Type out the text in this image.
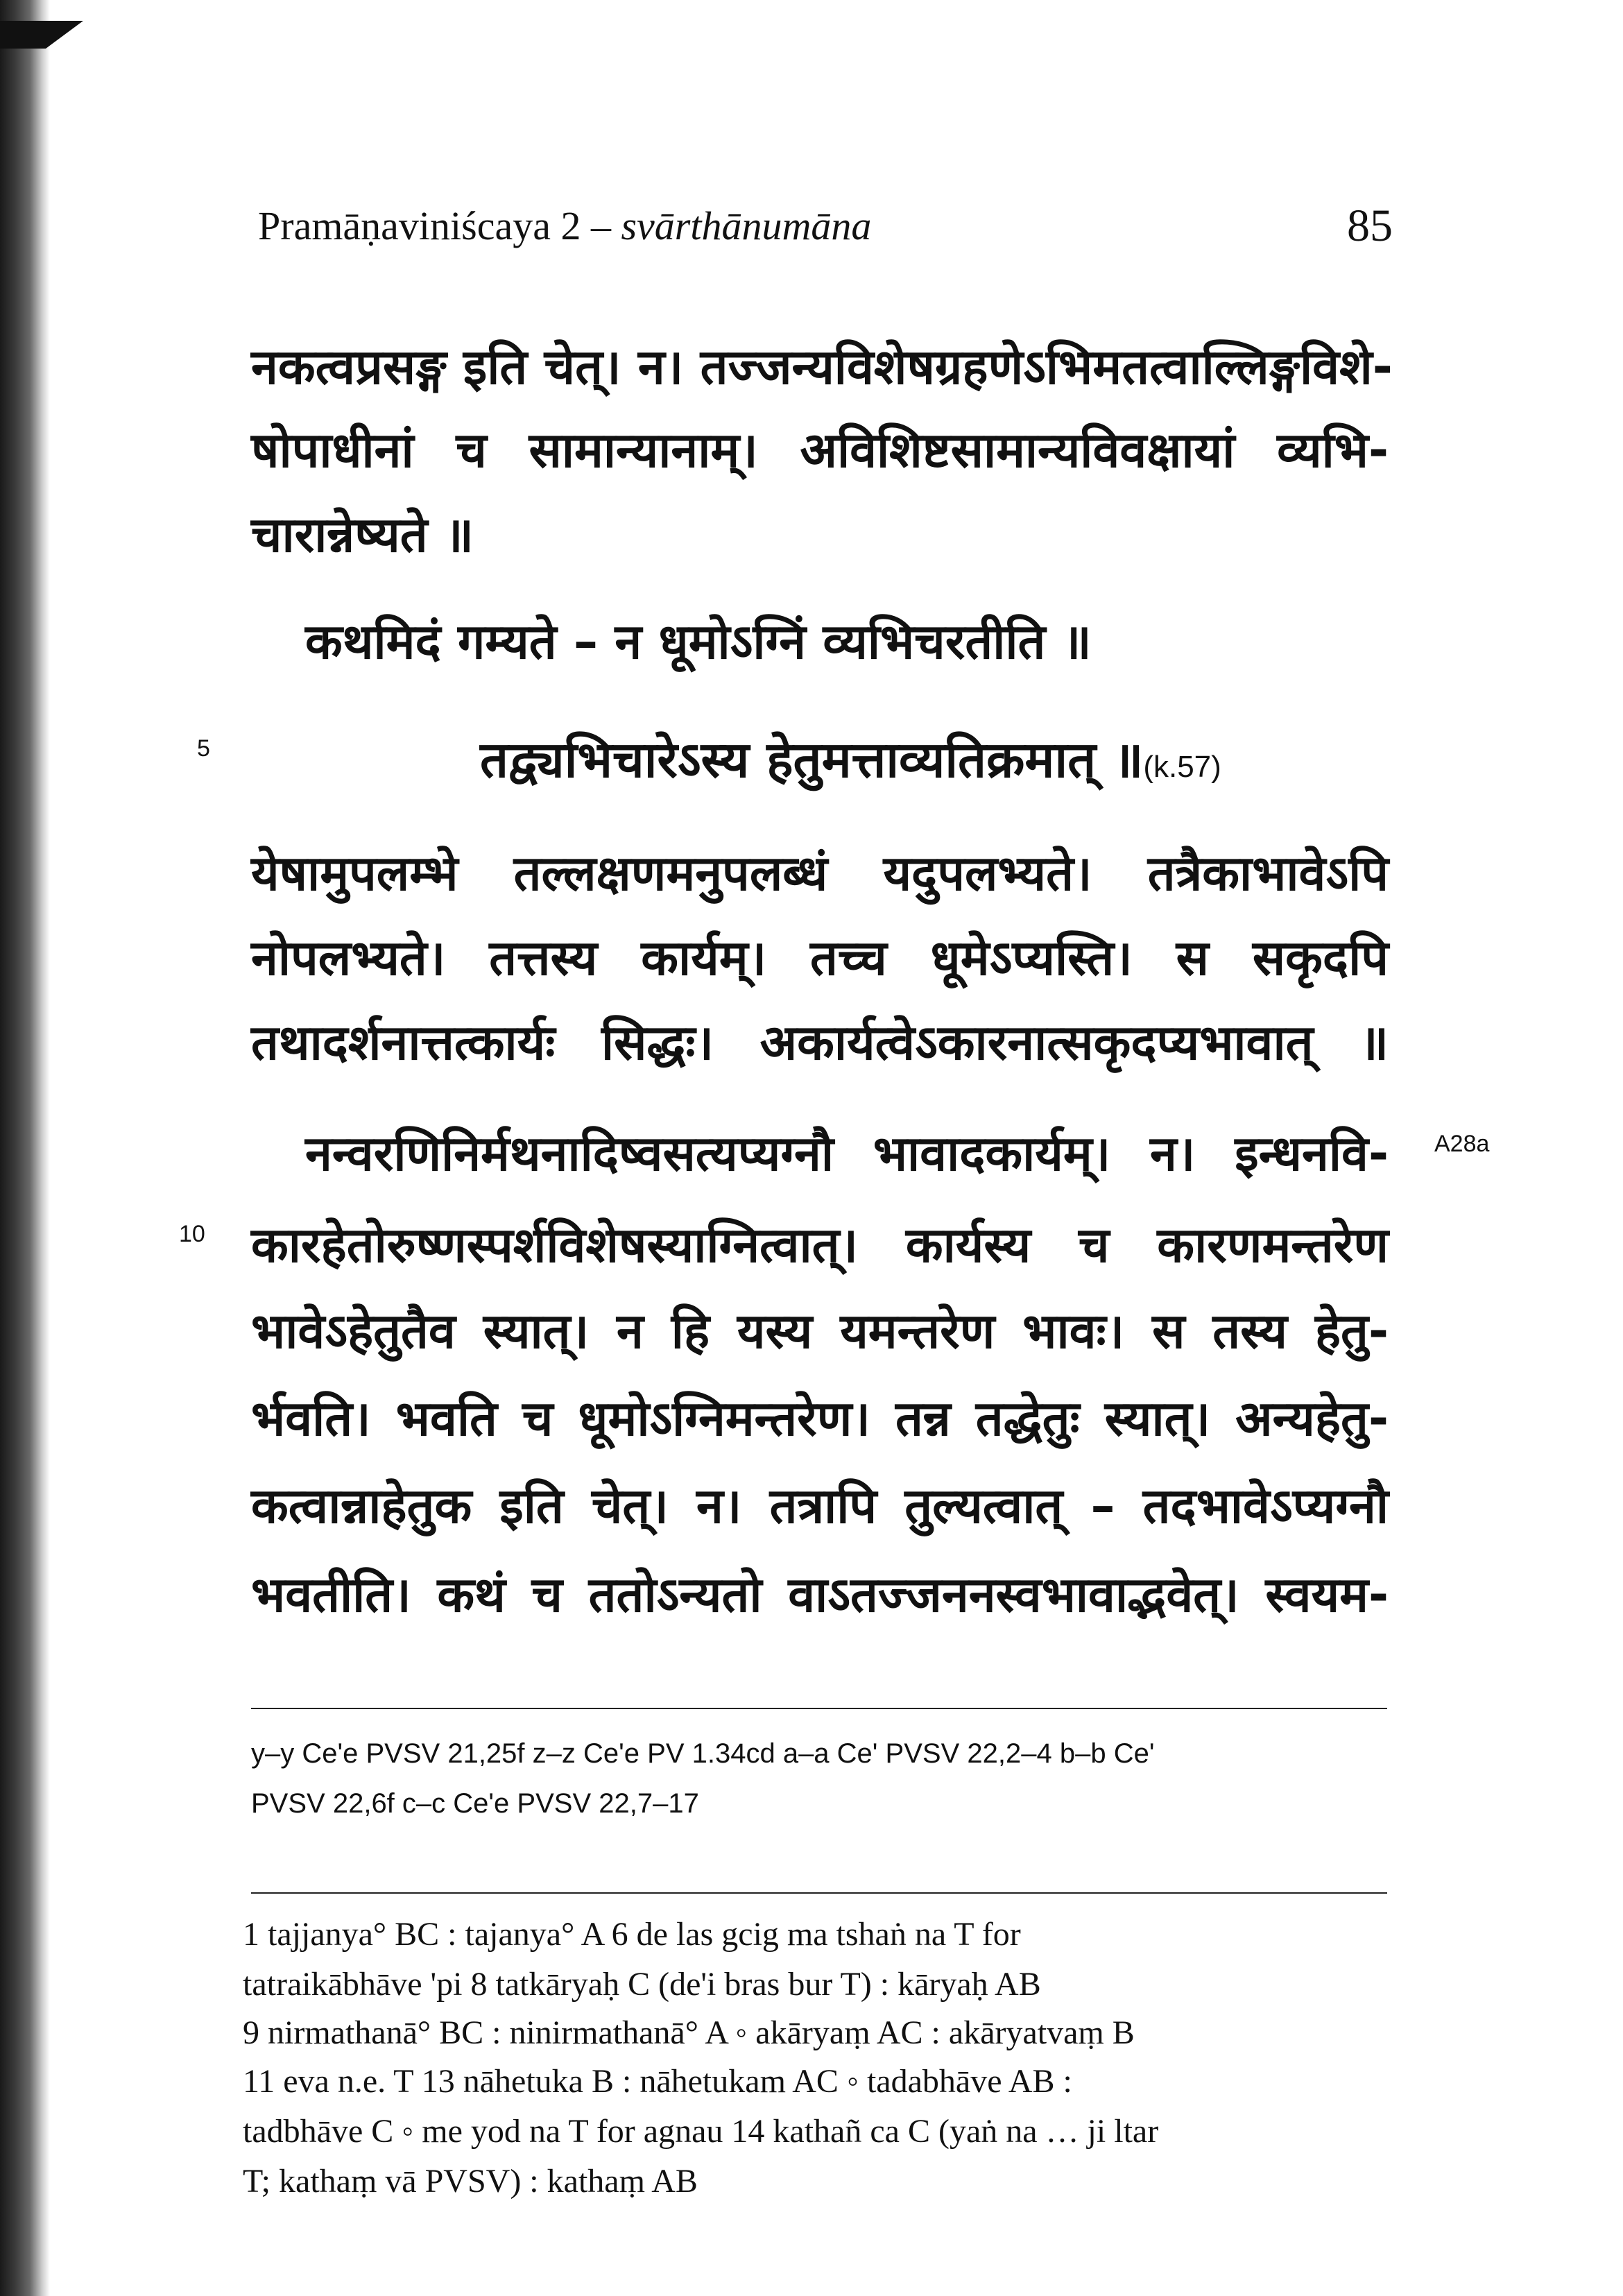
Pramāṇaviniścaya 2 – svārthānumāna	85
नकत्वप्रसङ्ग इति चेत्। न। तज्जन्यविशेषग्रहणेऽभिमतत्वाल्लिङ्गविशे-
षोपाधीनां च सामान्यानाम्। अविशिष्टसामान्यविवक्षायां व्यभि-
चारान्नेष्यते ॥
कथमिदं गम्यते – न धूमोऽग्निं व्यभिचरतीति ॥
5	तद्व्यभिचारेऽस्य हेतुमत्ताव्यतिक्रमात् ॥(k.57)
येषामुपलम्भे तल्लक्षणमनुपलब्धं यदुपलभ्यते। तत्रैकाभावेऽपि
नोपलभ्यते। तत्तस्य कार्यम्। तच्च धूमेऽप्यस्ति। स सकृदपि
तथादर्शनात्तत्कार्यः सिद्धः। अकार्यत्वेऽकारनात्सकृदप्यभावात् ॥
नन्वरणिनिर्मथनादिष्वसत्यप्यग्नौ भावादकार्यम्। न। इन्धनवि- A28a
10 कारहेतोरुष्णस्पर्शविशेषस्याग्नित्वात्। कार्यस्य च कारणमन्तरेण
भावेऽहेतुतैव स्यात्। न हि यस्य यमन्तरेण भावः। स तस्य हेतु-
र्भवति। भवति च धूमोऽग्निमन्तरेण। तन्न तद्धेतुः स्यात्। अन्यहेतु-
कत्वान्नाहेतुक इति चेत्। न। तत्रापि तुल्यत्वात् – तदभावेऽप्यग्नौ
भवतीति। कथं च ततोऽन्यतो वाऽतज्जननस्वभावाद्भवेत्। स्वयम-
y–y Ce'e PVSV 21,25f z–z Ce'e PV 1.34cd a–a Ce' PVSV 22,2–4 b–b Ce'
PVSV 22,6f c–c Ce'e PVSV 22,7–17
1 tajjanya° BC : tajanya° A 6 de las gcig ma tshaṅ na T for
tatraikābhāve 'pi 8 tatkāryaḥ C (de'i bras bur T) : kāryaḥ AB
9 nirmathanā° BC : ninirmathanā° A ◦ akāryaṃ AC : akāryatvaṃ B
11 eva n.e. T 13 nāhetuka B : nāhetukam AC ◦ tadabhāve AB :
tadbhāve C ◦ me yod na T for agnau 14 kathañ ca C (yaṅ na … ji ltar
T; kathaṃ vā PVSV) : kathaṃ AB
